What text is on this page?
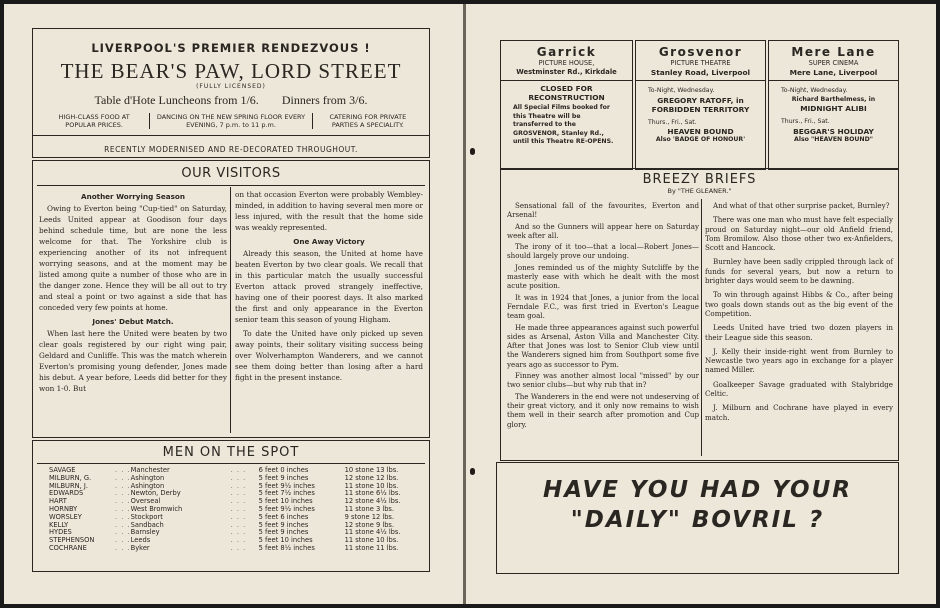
LIVERPOOL'S PREMIER RENDEZVOUS !
THE BEAR'S PAW, LORD STREET
(FULLY LICENSED)
Table d'Hote Luncheons from 1/6. Dinners from 3/6.
HIGH-CLASS FOOD AT POPULAR PRICES.
DANCING ON THE NEW SPRING FLOOR EVERY EVENING, 7 p.m. to 11 p.m.
CATERING FOR PRIVATE PARTIES A SPECIALITY.
RECENTLY MODERNISED AND RE-DECORATED THROUGHOUT.
OUR VISITORS
Another Worrying Season

Owing to Everton being "Cup-tied" on Saturday, Leeds United appear at Goodison four days behind schedule time, but are none the less welcome for that. The Yorkshire club is experiencing another of its not infrequent worrying seasons, and at the moment may be listed among quite a number of those who are in the danger zone. Hence they will be all out to try and steal a point or two against a side that has conceded very few points at home.

Jones' Debut Match.

When last here the United were beaten by two clear goals registered by our right wing pair, Geldard and Cunliffe. This was the match wherein Everton's promising young defender, Jones made his debut. A year before, Leeds did better for they won 1-0. But

on that occasion Everton were probably Wembley-minded, in addition to having several men more or less injured, with the result that the home side was weakly represented.

One Away Victory

Already this season, the United at home have beaten Everton by two clear goals. We recall that in this particular match the usually successful Everton attack proved strangely ineffective, having one of their poorest days. It also marked the first and only appearance in the Everton senior team this season of young Higham.

To date the United have only picked up seven away points, their solitary visiting success being over Wolverhampton Wanderers, and we cannot see them doing better than losing after a hard fight in the present instance.

MEN ON THE SPOT
SAVAGE	. . .	Manchester	. . .	6 feet 0 inches	10 stone 13 lbs.
MILBURN, G.	. . .	Ashington	. . .	5 feet 9 inches	12 stone 12 lbs.
MILBURN, J.	. . .	Ashington	. . .	5 feet 9½ inches	11 stone 10 lbs.
EDWARDS	. . .	Newton, Derby	. . .	5 feet 7½ inches	11 stone 6½ lbs.
HART	. . .	Overseal	. . .	5 feet 10 inches	12 stone 4½ lbs.
HORNBY	. . .	West Bromwich	. . .	5 feet 9½ inches	11 stone 3 lbs.
WORSLEY	. . .	Stockport	. . .	5 feet 6 inches	9 stone 12 lbs.
KELLY	. . .	Sandbach	. . .	5 feet 9 inches	12 stone 9 lbs.
HYDES	. . .	Barnsley	. . .	5 feet 9 inches	11 stone 4½ lbs.
STEPHENSON	. . .	Leeds	. . .	5 feet 10 inches	11 stone 10 lbs.
COCHRANE	. . .	Byker	. . .	5 feet 8½ inches	11 stone 11 lbs.
Garrick
PICTURE HOUSE,
Westminster Rd., Kirkdale
CLOSED FOR
RECONSTRUCTION
All Special Films booked for this Theatre will be transferred to the GROSVENOR, Stanley Rd., until this Theatre RE-OPENS.
Grosvenor
PICTURE THEATRE
Stanley Road, Liverpool
To-Night, Wednesday.
GREGORY RATOFF, in
FORBIDDEN TERRITORY
Thurs., Fri., Sat.
HEAVEN BOUND
Also 'BADGE OF HONOUR'
Mere Lane
SUPER CINEMA
Mere Lane, Liverpool
To-Night, Wednesday.
Richard Barthelmess, in
MIDNIGHT ALIBI
Thurs., Fri., Sat.
BEGGAR'S HOLIDAY
Also "HEAVEN BOUND"
BREEZY BRIEFS
By "THE GLEANER."

Sensational fall of the favourites, Everton and Arsenal!

And so the Gunners will appear here on Saturday week after all.

The irony of it too—that a local—Robert Jones—should largely prove our undoing.

Jones reminded us of the mighty Sutcliffe by the masterly ease with which he dealt with the most acute position.

It was in 1924 that Jones, a junior from the local Ferndale F.C., was first tried in Everton's League team goal.

He made three appearances against such powerful sides as Arsenal, Aston Villa and Manchester City. After that Jones was lost to Senior Club view until the Wanderers signed him from Southport some five years ago as successor to Pym.

Finney was another almost local "missed" by our two senior clubs—but why rub that in?

The Wanderers in the end were not undeserving of their great victory, and it only now remains to wish them well in their search after promotion and Cup glory.

And what of that other surprise packet, Burnley?

There was one man who must have felt especially proud on Saturday night—our old Anfield friend, Tom Bromilow. Also those other two ex-Anfielders, Scott and Hancock.

Burnley have been sadly crippled through lack of funds for several years, but now a return to brighter days would seem to be dawning.

To win through against Hibbs & Co., after being two goals down stands out as the big event of the Competition.

Leeds United have tried two dozen players in their League side this season.

J. Kelly their inside-right went from Burnley to Newcastle two years ago in exchange for a player named Miller.

Goalkeeper Savage graduated with Stalybridge Celtic.

J. Milburn and Cochrane have played in every match.

HAVE YOU HAD YOUR
"DAILY" BOVRIL ?
